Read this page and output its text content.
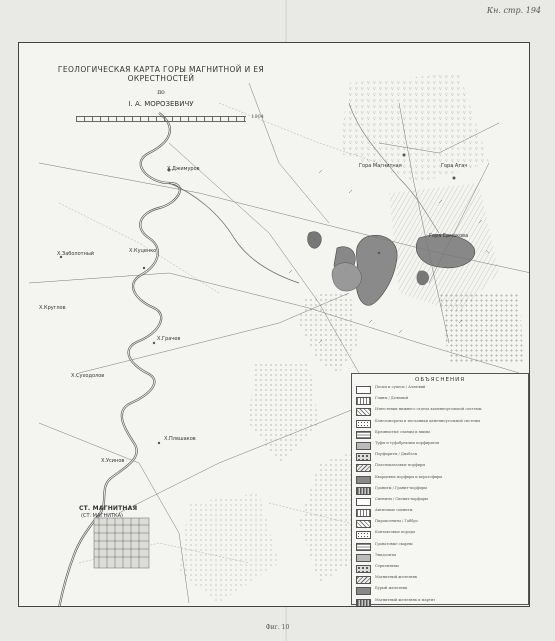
Кн. стр. 194
ГЕОЛОГИЧЕСКАЯ КАРТА ГОРЫ МАГНИТНОЙ И ЕЯ ОКРЕСТНОСТЕЙ
по
I. А. МОРОЗЕВИЧУ
1904
Х.Джимуров
Х.Куценко
Х.Заболотный
Х.Грачев
Х.Круглов
Х.Суходолов
Х.Плешаков
Х.Усинов
Гора Магнитная	Гора Атач
Гора Ермакова
СТ. МАГНИТНАЯ
(СТ. МАГНИТКА)
ОБЪЯСНЕНИЯ
Пески и супеси / Аллювий
Глины / Делювий
Известняки нижнего отдела каменноугольной системы
Конгломераты и песчаники каменноугольной системы
Кремнистые сланцы и яшмы
Туфы и туфобрекчии порфиритов
Порфириты / Диабазы
Плагиоклазовые порфиры
Кварцевые порфиры и кератофиры
Граниты / Гранит-порфиры
Сиениты / Сиенит-порфиры
Авгитовые сиениты
Пироксениты / Габбро
Контактовые породы
Гранатовые скарны
Эпидозиты
Серпентины
Магнитный железняк
Бурый железняк
Магнитный железняк и мартит
Фиг. 10
